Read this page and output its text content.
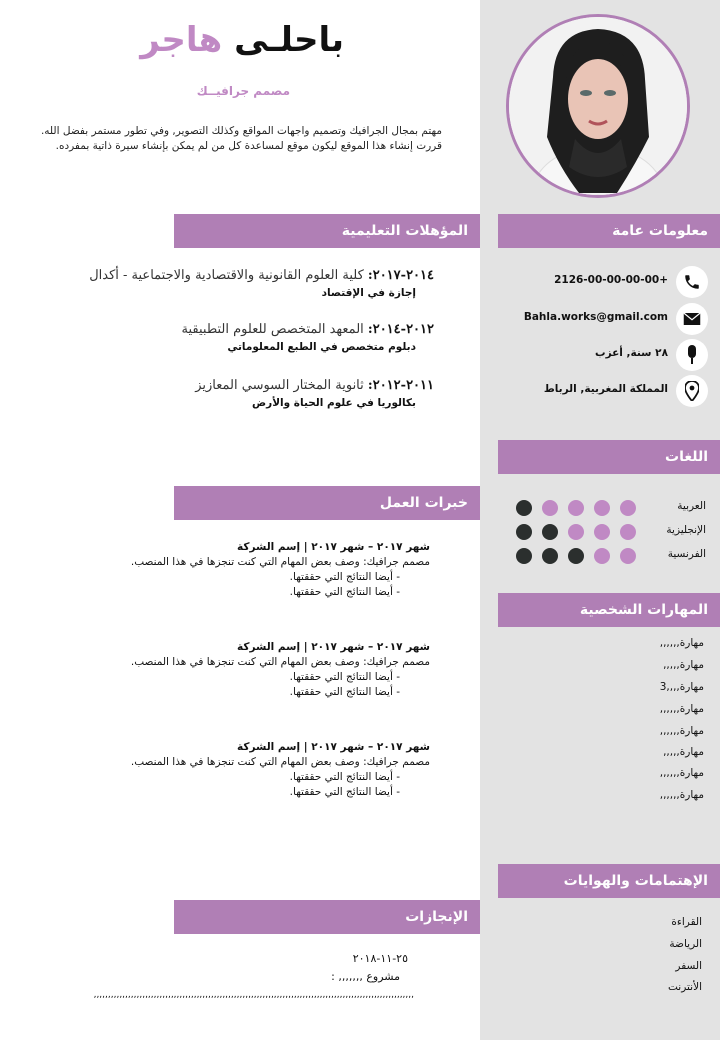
باحلـى هاجر
مصمم جرافيــك
مهتم بمجال الجرافيك وتصميم واجهات المواقع وكذلك التصوير, وفي تطور مستمر بفضل الله. قررت إنشاء هذا الموقع ليكون موقع لمساعدة كل من لم يمكن بإنشاء سيرة ذاتية بمفرده.
المؤهلات التعليمية
٢٠١٤-٢٠١٧: كلية العلوم القانونية والاقتصادية والاجتماعية - أكدال
إجازة في الإقتصاد
٢٠١٢-٢٠١٤: المعهد المتخصص للعلوم التطبيقية
دبلوم متخصص في الطبع المعلوماتي
٢٠١١-٢٠١٢: ثانوية المختار السوسي المعازيز
بكالوريا في علوم الحياة والأرض
خبرات العمل
شهر ٢٠١٧ – شهر ٢٠١٧ | إسم الشركة
مصمم جرافيك: وصف بعض المهام التي كنت تنجزها في هذا المنصب.
- أيضا النتائج التي حققتها.
- أيضا النتائج التي حققتها.
شهر ٢٠١٧ – شهر ٢٠١٧ | إسم الشركة
مصمم جرافيك: وصف بعض المهام التي كنت تنجزها في هذا المنصب.
- أيضا النتائج التي حققتها.
- أيضا النتائج التي حققتها.
شهر ٢٠١٧ – شهر ٢٠١٧ | إسم الشركة
مصمم جرافيك: وصف بعض المهام التي كنت تنجزها في هذا المنصب.
- أيضا النتائج التي حققتها.
- أيضا النتائج التي حققتها.
الإنجازات
٢٥-١١-٢٠١٨
مشروع ,,,,,,, :
,,,,,,,,,,,,,,,,,,,,,,,,,,,,,,,,,,,,,,,,,,,,,,,,,,,,,,,,,,,,,,,,,,,,,,,,,,,,,,,,,,,,,,,,,,,,,,,,,,,,,,,,,,,,,,,,
معلومات عامة
+2126-00-00-00-00
Bahla.works@gmail.com
٢٨ سنة, أعزب
المملكة المغربية, الرباط
اللغات
العربية
الإنجليزية
الفرنسية
المهارات الشخصية
مهارة,,,,,,
مهارة,,,,,
مهارة,,,,3
مهارة,,,,,,
مهارة,,,,,,
مهارة,,,,,
مهارة,,,,,,
مهارة,,,,,,
الإهتمامات والهوايات
القراءة
الرياضة
السفر
الأنترنت
